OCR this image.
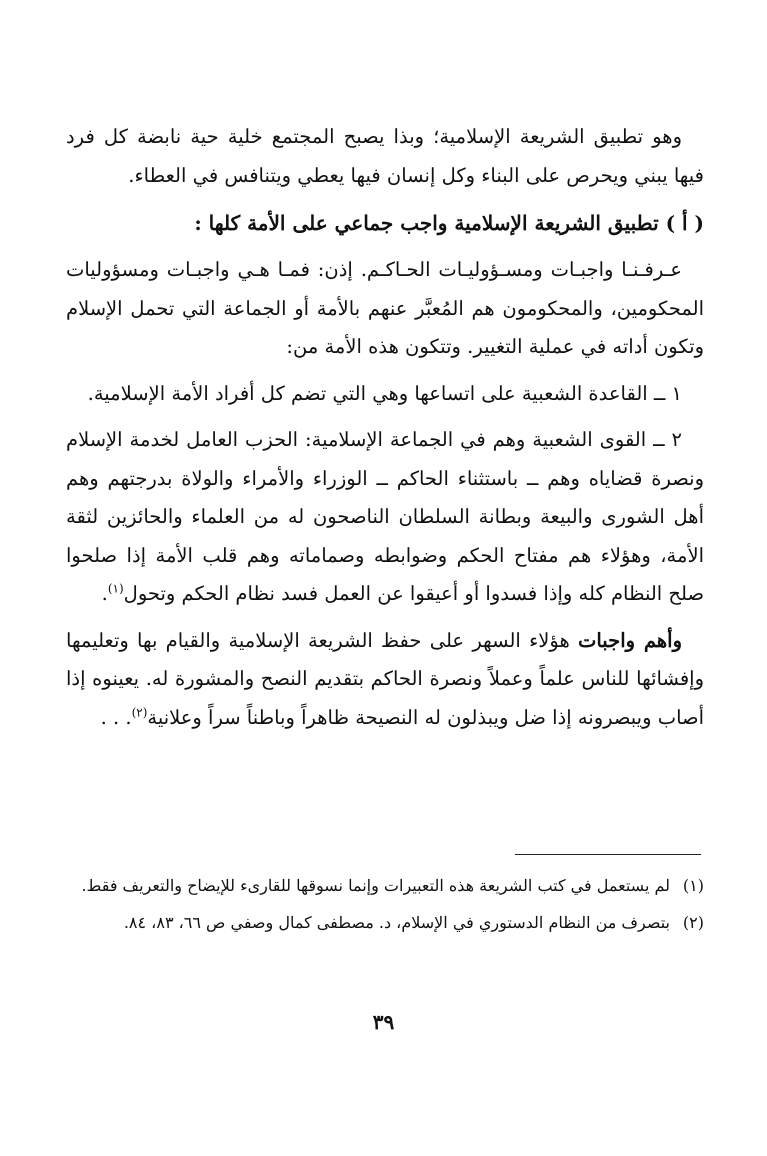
وهو تطبيق الشريعة الإسلامية؛ وبذا يصبح المجتمع خلية حية نابضة كل فرد فيها يبني ويحرص على البناء وكل إنسان فيها يعطي ويتنافس في العطاء.

( أ ) تطبيق الشريعة الإسلامية واجب جماعي على الأمة كلها :

عـرفـنـا واجبـات ومسـؤوليـات الحـاكـم. إذن: فمـا هـي واجبـات ومسؤوليات المحكومين، والمحكومون هم المُعبَّر عنهم بالأمة أو الجماعة التي تحمل الإسلام وتكون أداته في عملية التغيير. وتتكون هذه الأمة من:

١ ــ القاعدة الشعبية على اتساعها وهي التي تضم كل أفراد الأمة الإسلامية.

٢ ــ القوى الشعبية وهم في الجماعة الإسلامية: الحزب العامل لخدمة الإسلام ونصرة قضاياه وهم ــ باستثناء الحاكم ــ الوزراء والأمراء والولاة بدرجتهم وهم أهل الشورى والبيعة وبطانة السلطان الناصحون له من العلماء والحائزين لثقة الأمة، وهؤلاء هم مفتاح الحكم وضوابطه وصماماته وهم قلب الأمة إذا صلحوا صلح النظام كله وإذا فسدوا أو أعيقوا عن العمل فسد نظام الحكم وتحول$^{(١)}$.

وأهم واجبات هؤلاء السهر على حفظ الشريعة الإسلامية والقيام بها وتعليمها وإفشائها للناس علماً وعملاً ونصرة الحاكم بتقديم النصح والمشورة له. يعينوه إذا أصاب ويبصرونه إذا ضل ويبذلون له النصيحة ظاهراً وباطناً سراً وعلانية$^{(٢)}$. . .

(١)
لم يستعمل في كتب الشريعة هذه التعبيرات وإنما نسوقها للقارىء للإيضاح والتعريف فقط.

(٢)
بتصرف من النظام الدستوري في الإسلام، د. مصطفى كمال وصفي ص ٦٦، ٨٣، ٨٤.

٣٩
